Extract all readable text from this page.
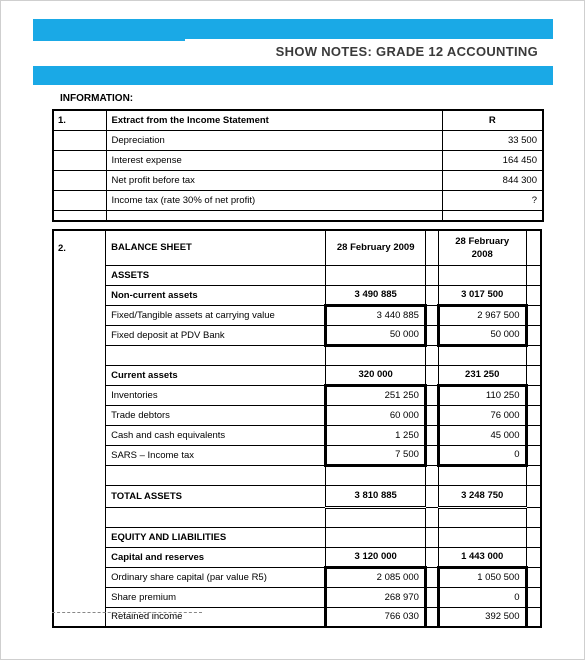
SHOW NOTES: GRADE 12 ACCOUNTING
INFORMATION:
1.	Extract from the Income Statement	R
	Depreciation	33 500
	Interest expense	164 450
	Net profit before tax	844 300
	Income tax (rate 30% of net profit)	?

2.	BALANCE SHEET	28 February 2009		28 February 2008	
	ASSETS				
	Non-current assets	3 490 885		3 017 500	
	Fixed/Tangible assets at carrying value	3 440 885		2 967 500	
	Fixed deposit at PDV Bank	50 000		50 000	

	Current assets	320 000		231 250	
	Inventories	251 250		110 250	
	Trade debtors	60 000		76 000	
	Cash and cash equivalents	1 250		45 000	
	SARS – Income tax	7 500		0	

	TOTAL ASSETS	3 810 885		3 248 750	

	EQUITY AND LIABILITIES				
	Capital and reserves	3 120 000		1 443 000	
	Ordinary share capital (par value R5)	2 085 000		1 050 500	
	Share premium	268 970		0	
	Retained income	766 030		392 500	
